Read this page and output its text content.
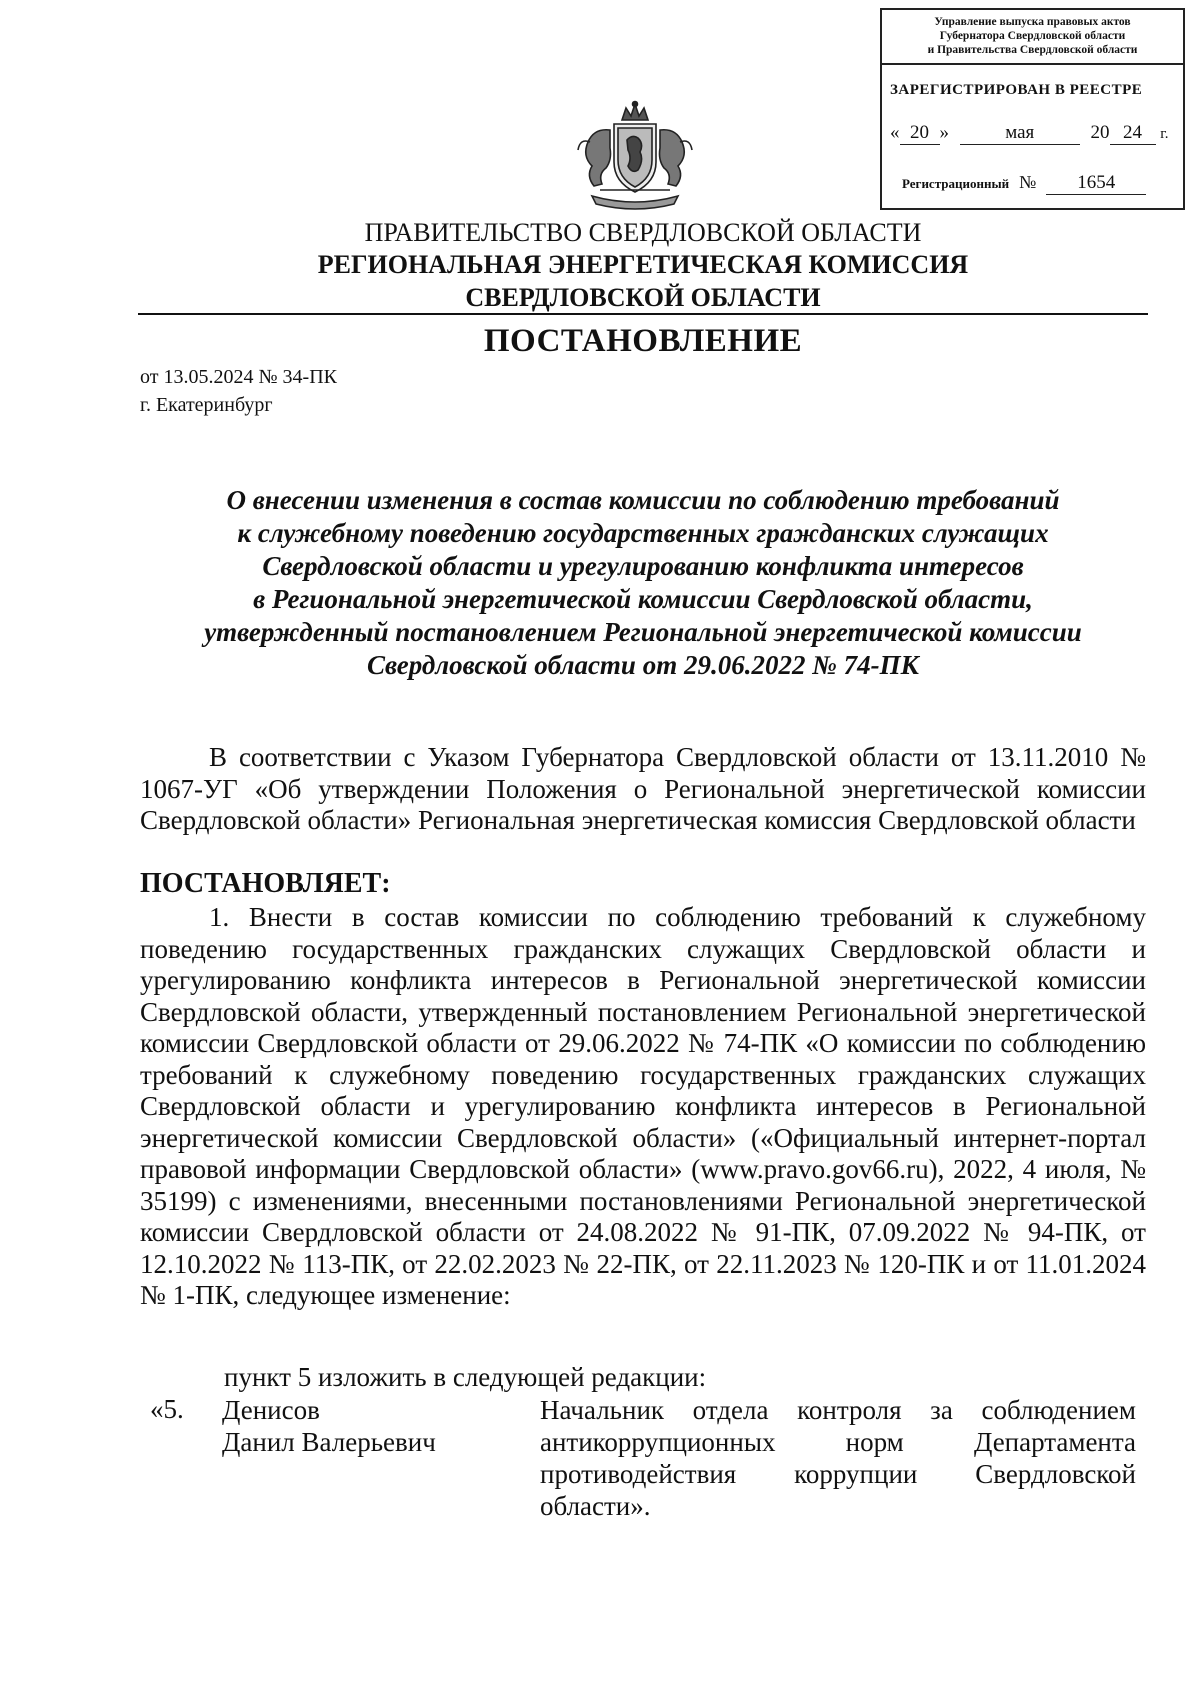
Управление выпуска правовых актов
Губернатора Свердловской области
и Правительства Свердловской области
ЗАРЕГИСТРИРОВАН В РЕЕСТРЕ
« 20 »	мая	20 24 г.
Регистрационный № 1654
ПРАВИТЕЛЬСТВО СВЕРДЛОВСКОЙ ОБЛАСТИ
РЕГИОНАЛЬНАЯ ЭНЕРГЕТИЧЕСКАЯ КОМИССИЯ
СВЕРДЛОВСКОЙ ОБЛАСТИ
ПОСТАНОВЛЕНИЕ
от 13.05.2024 № 34-ПК
г. Екатеринбург
О внесении изменения в состав комиссии по соблюдению требований
к служебному поведению государственных гражданских служащих
Свердловской области и урегулированию конфликта интересов
в Региональной энергетической комиссии Свердловской области,
утвержденный постановлением Региональной энергетической комиссии
Свердловской области от 29.06.2022 № 74-ПК
В соответствии с Указом Губернатора Свердловской области от 13.11.2010 № 1067-УГ «Об утверждении Положения о Региональной энергетической комиссии Свердловской области» Региональная энергетическая комиссия Свердловской области
ПОСТАНОВЛЯЕТ:
1. Внести в состав комиссии по соблюдению требований к служебному поведению государственных гражданских служащих Свердловской области и урегулированию конфликта интересов в Региональной энергетической комиссии Свердловской области, утвержденный постановлением Региональной энергетической комиссии Свердловской области от 29.06.2022 № 74-ПК «О комиссии по соблюдению требований к служебному поведению государственных гражданских служащих Свердловской области и урегулированию конфликта интересов в Региональной энергетической комиссии Свердловской области» («Официальный интернет-портал правовой информации Свердловской области» (www.pravo.gov66.ru), 2022, 4 июля, № 35199) с изменениями, внесенными постановлениями Региональной энергетической комиссии Свердловской области от 24.08.2022 № 91-ПК, 07.09.2022 № 94-ПК, от 12.10.2022 № 113-ПК, от 22.02.2023 № 22-ПК, от 22.11.2023 № 120-ПК и от 11.01.2024 № 1-ПК, следующее изменение:
пункт 5 изложить в следующей редакции:
«5. Денисов
Данил Валерьевич
Начальник отдела контроля за соблюдением антикоррупционных норм Департамента противодействия коррупции Свердловской области».
